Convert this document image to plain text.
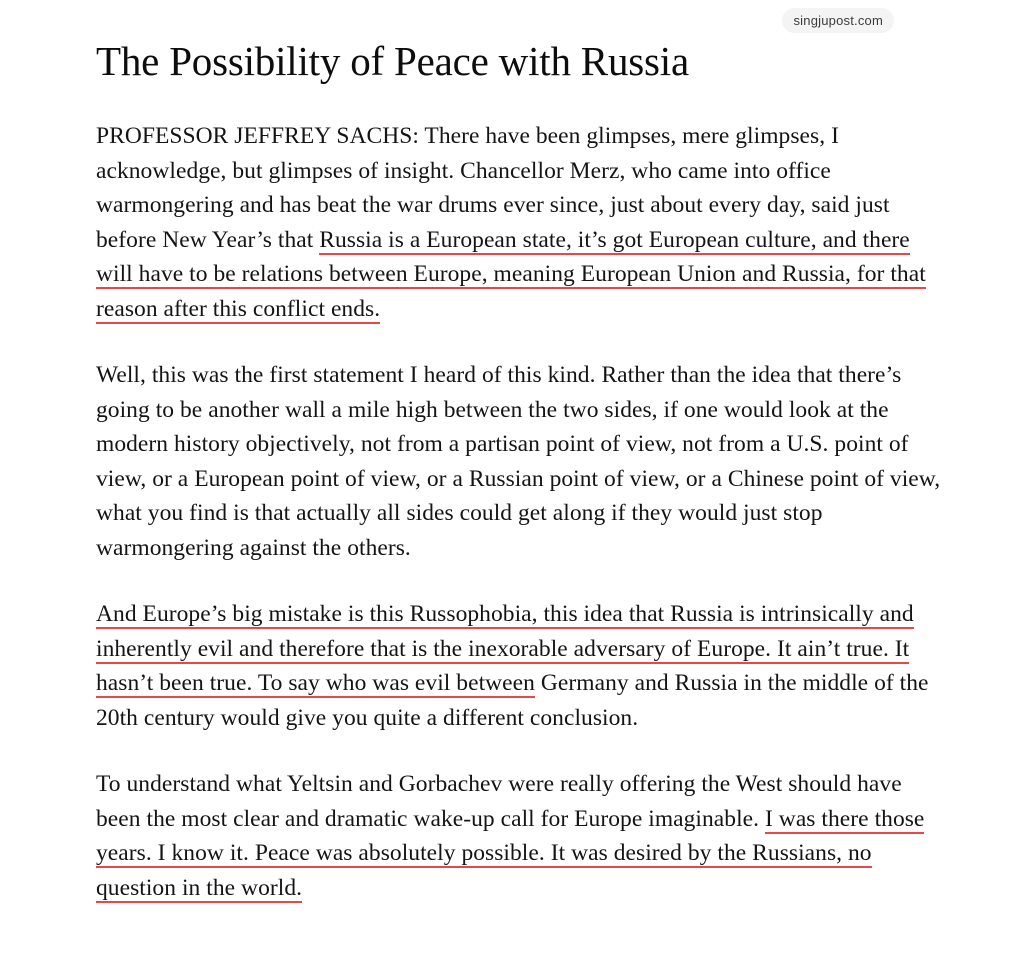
singjupost.com
The Possibility of Peace with Russia

PROFESSOR JEFFREY SACHS: There have been glimpses, mere glimpses, I acknowledge, but glimpses of insight. Chancellor Merz, who came into office warmongering and has beat the war drums ever since, just about every day, said just before New Year’s that Russia is a European state, it’s got European culture, and there will have to be relations between Europe, meaning European Union and Russia, for that reason after this conflict ends.

Well, this was the first statement I heard of this kind. Rather than the idea that there’s going to be another wall a mile high between the two sides, if one would look at the modern history objectively, not from a partisan point of view, not from a U.S. point of view, or a European point of view, or a Russian point of view, or a Chinese point of view, what you find is that actually all sides could get along if they would just stop warmongering against the others.

And Europe’s big mistake is this Russophobia, this idea that Russia is intrinsically and inherently evil and therefore that is the inexorable adversary of Europe. It ain’t true. It hasn’t been true. To say who was evil between Germany and Russia in the middle of the 20th century would give you quite a different conclusion.

To understand what Yeltsin and Gorbachev were really offering the West should have been the most clear and dramatic wake-up call for Europe imaginable. I was there those years. I know it. Peace was absolutely possible. It was desired by the Russians, no question in the world.
